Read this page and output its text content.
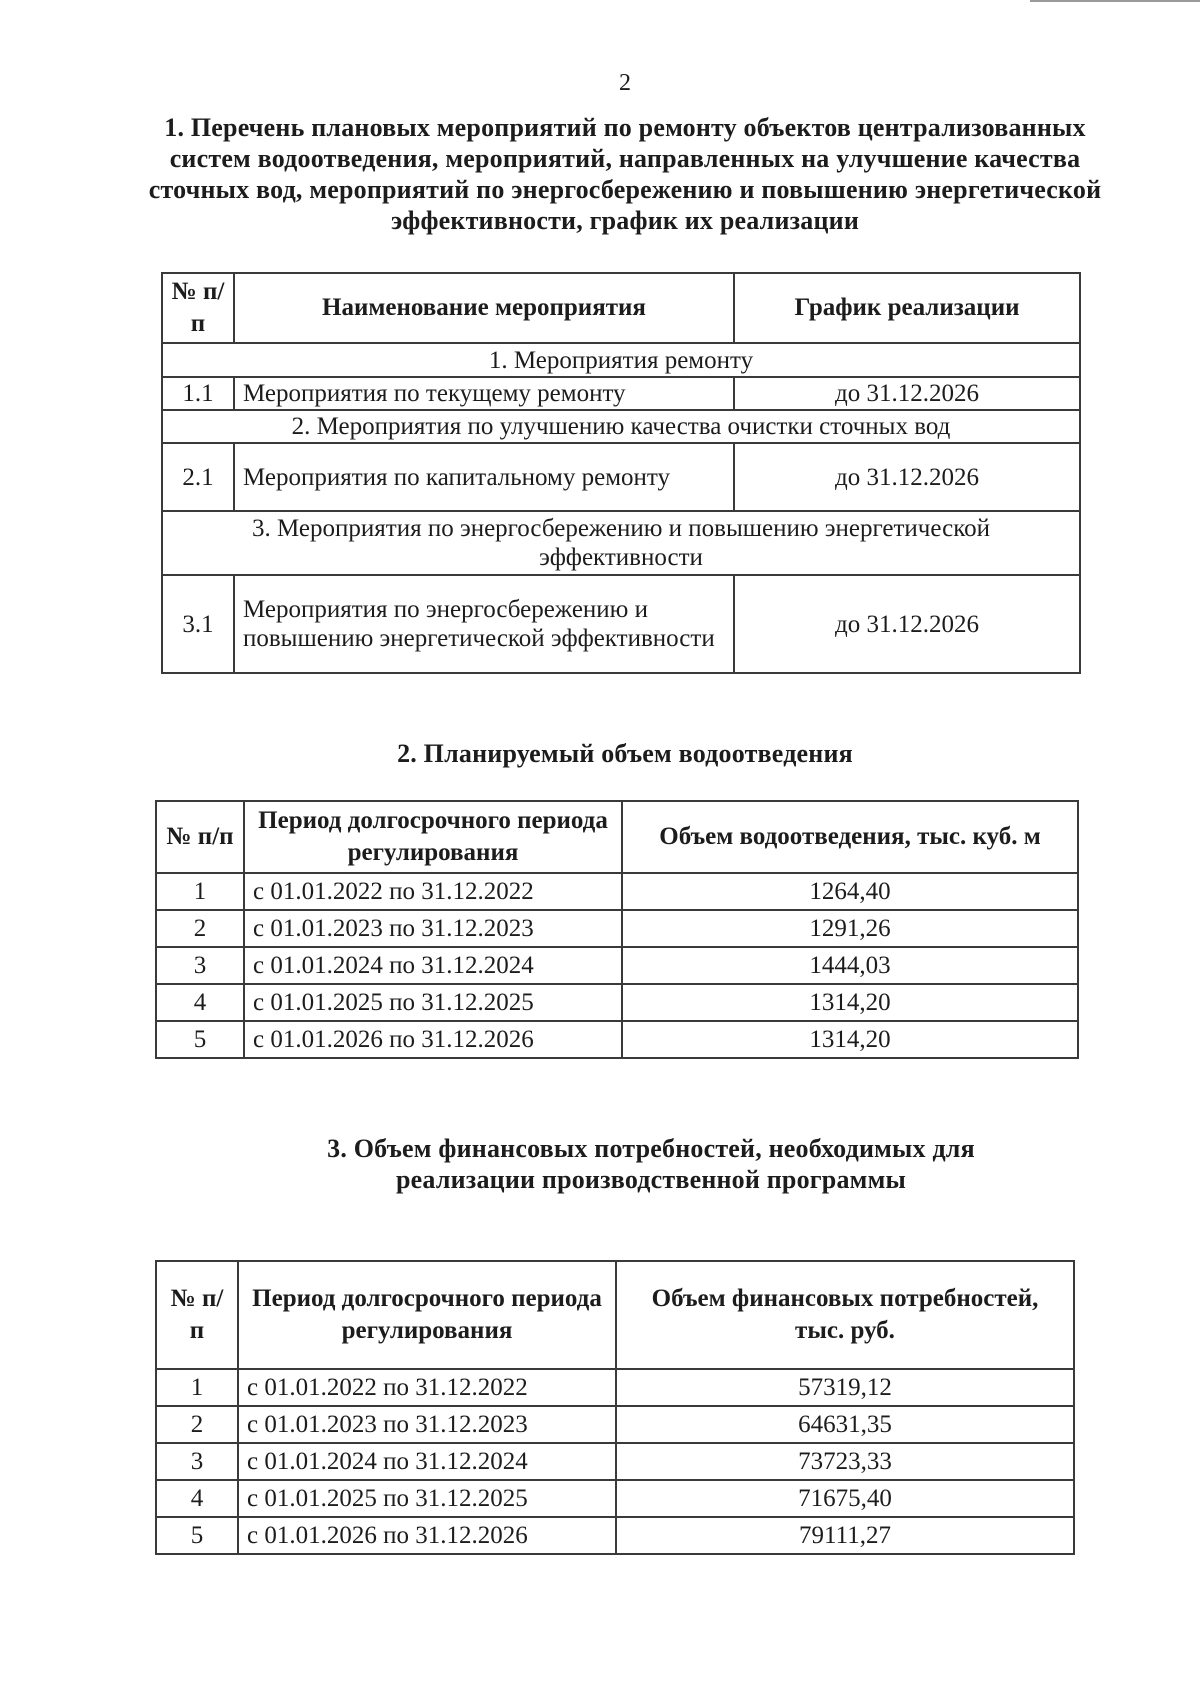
2
1. Перечень плановых мероприятий по ремонту объектов централизованных систем водоотведения, мероприятий, направленных на улучшение качества сточных вод, мероприятий по энергосбережению и повышению энергетической эффективности, график их реализации
№ п/п	Наименование мероприятия	График реализации
1. Мероприятия ремонту		
1.1	Мероприятия по текущему ремонту	до 31.12.2026
2. Мероприятия по улучшению качества очистки сточных вод		
2.1	Мероприятия по капитальному ремонту	до 31.12.2026
3. Мероприятия по энергосбережению и повышению энергетической эффективности		
3.1	Мероприятия по энергосбережению и повышению энергетической эффективности	до 31.12.2026
2. Планируемый объем водоотведения
№ п/п	Период долгосрочного периода регулирования	Объем водоотведения, тыс. куб. м
1	с 01.01.2022 по 31.12.2022	1264,40
2	с 01.01.2023 по 31.12.2023	1291,26
3	с 01.01.2024 по 31.12.2024	1444,03
4	с 01.01.2025 по 31.12.2025	1314,20
5	с 01.01.2026 по 31.12.2026	1314,20
3. Объем финансовых потребностей, необходимых для реализации производственной программы
№ п/п	Период долгосрочного периода регулирования	Объем финансовых потребностей, тыс. руб.
1	с 01.01.2022 по 31.12.2022	57319,12
2	с 01.01.2023 по 31.12.2023	64631,35
3	с 01.01.2024 по 31.12.2024	73723,33
4	с 01.01.2025 по 31.12.2025	71675,40
5	с 01.01.2026 по 31.12.2026	79111,27
